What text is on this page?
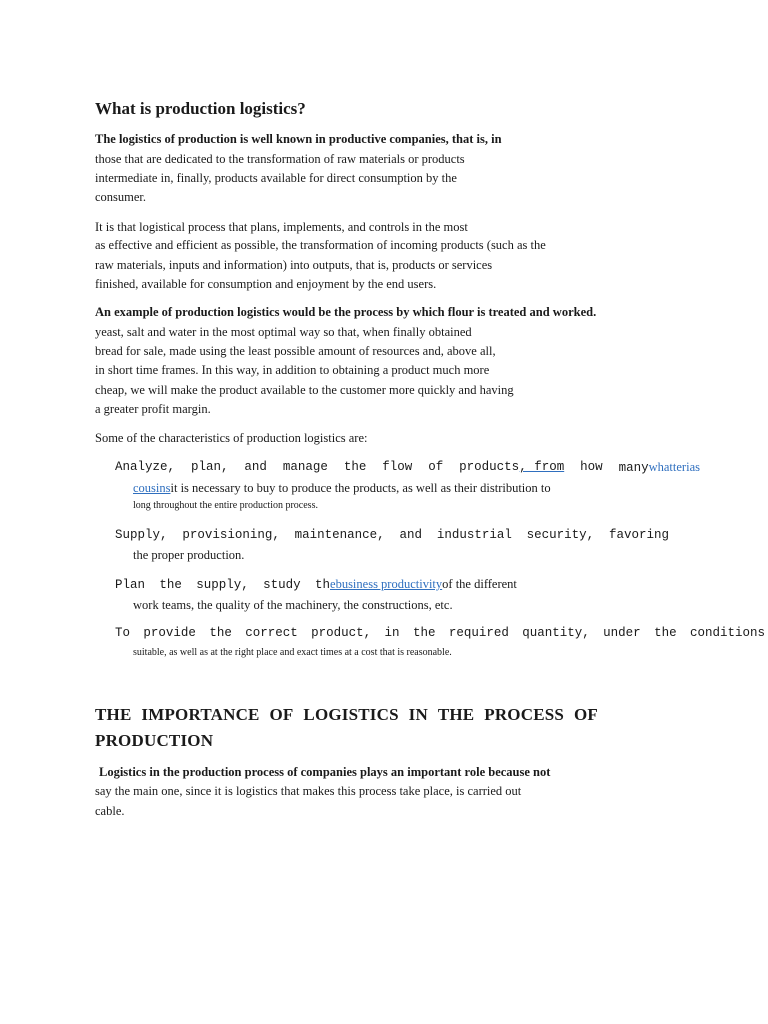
What is production logistics?
The logistics of production is well known in productive companies, that is, in
those that are dedicated to the transformation of raw materials or products
intermediate in, finally, products available for direct consumption by the
consumer.
It is that logistical process that plans, implements, and controls in the most
as effective and efficient as possible, the transformation of incoming products (such as the
raw materials, inputs and information) into outputs, that is, products or services
finished, available for consumption and enjoyment by the end users.
An example of production logistics would be the process by which flour is treated and worked.
yeast, salt and water in the most optimal way so that, when finally obtained
bread for sale, made using the least possible amount of resources and, above all,
in short time frames. In this way, in addition to obtaining a product much more
cheap, we will make the product available to the customer more quickly and having
a greater profit margin.
Some of the characteristics of production logistics are:
Analyze, plan, and manage the flow of products, from how manywhatterias
cousinsit is necessary to buy to produce the products, as well as their distribution to
long throughout the entire production process.
Supply, provisioning, maintenance, and industrial security, favoring
the proper production.
Plan the supply, study th ebusiness productivityof the different
work teams, the quality of the machinery, the constructions, etc.
To provide the correct product, in the required quantity, under the conditions
suitable, as well as at the right place and exact times at a cost that is reasonable.
THE IMPORTANCE OF LOGISTICS IN THE PROCESS OF
PRODUCTION
Logistics in the production process of companies plays an important role because not
say the main one, since it is logistics that makes this process take place, is carried out
cable.
